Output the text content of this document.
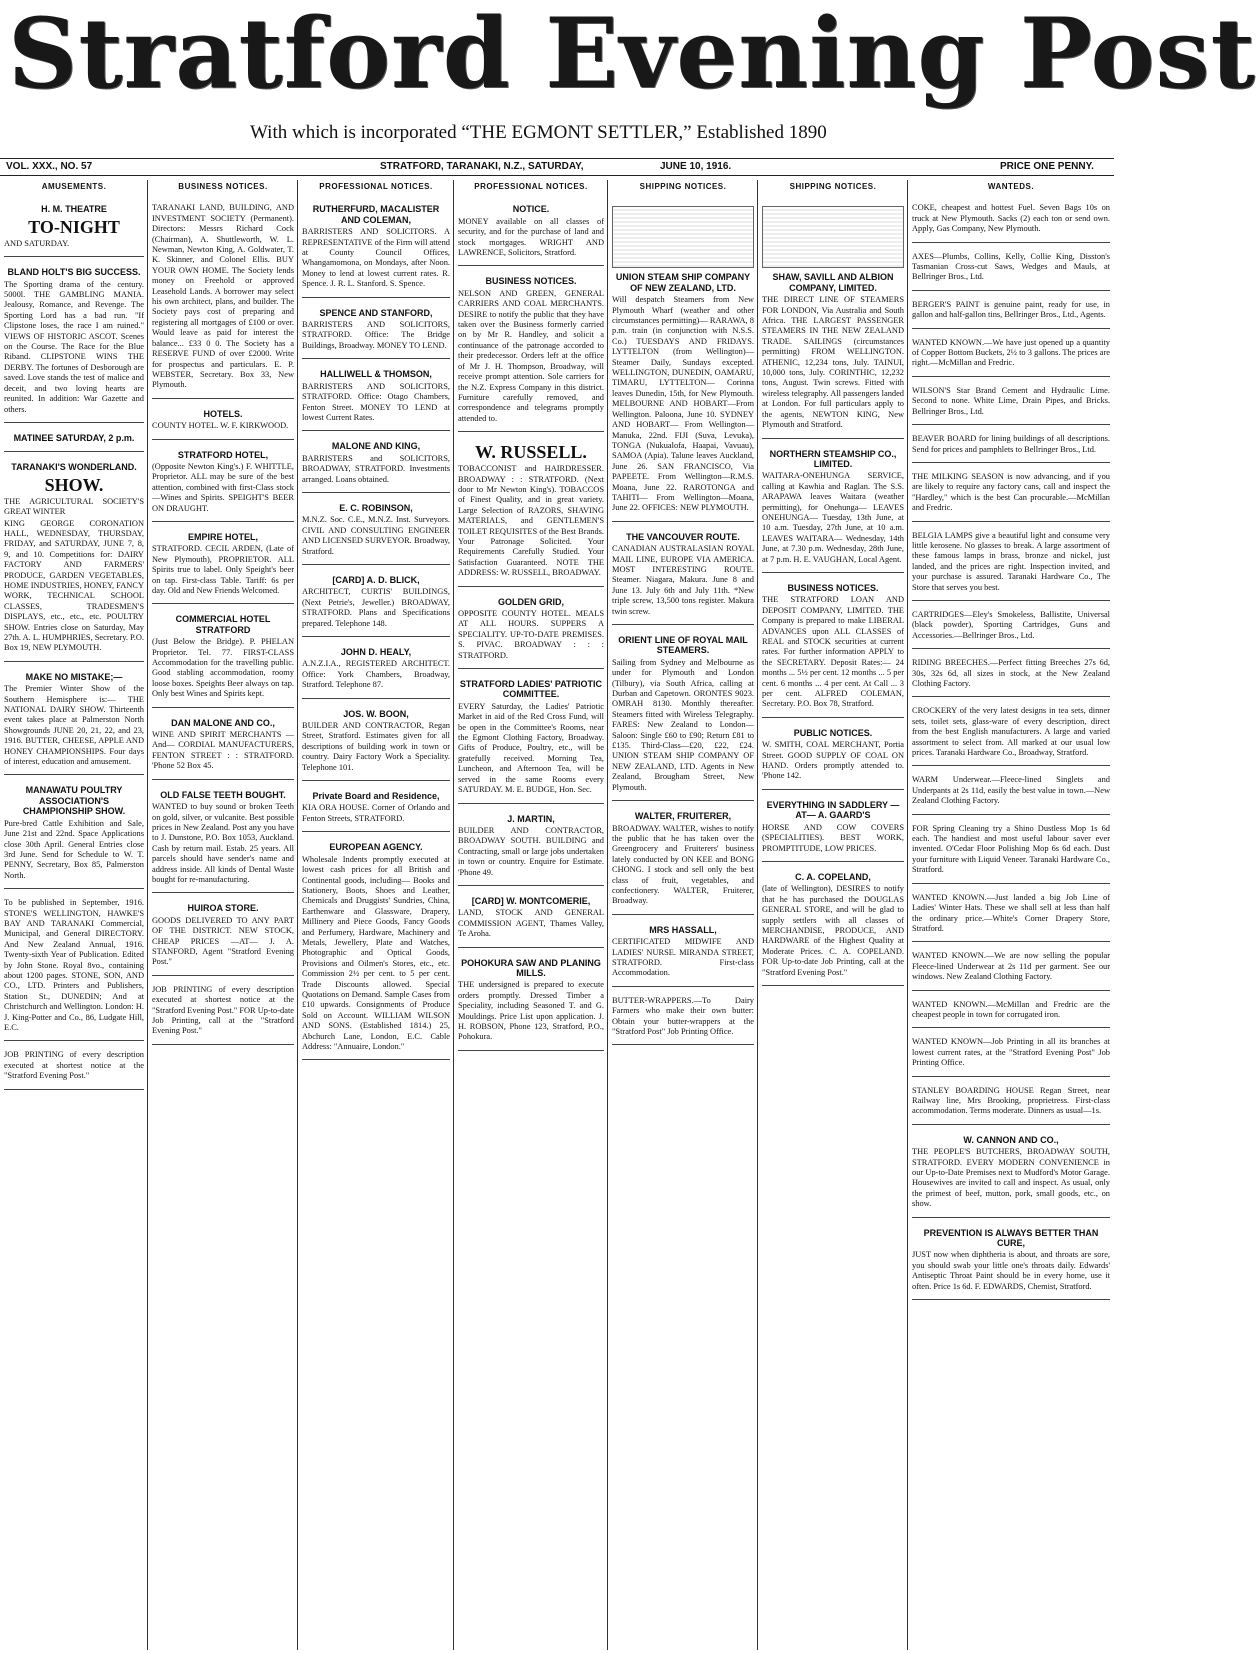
Stratford Evening Post
With which is incorporated “THE EGMONT SETTLER,” Established 1890
VOL. XXX., NO. 57	STRATFORD, TARANAKI, N.Z., SATURDAY,	JUNE 10, 1916.	PRICE ONE PENNY.
AMUSEMENTS.
H. M. THEATRE
TO-NIGHT
AND SATURDAY.
BLAND HOLT'S BIG SUCCESS.
The Sporting drama of the century. 5000l. THE GAMBLING MANIA. Jealousy, Romance, and Revenge. The Sporting Lord has a bad run. "If Clipstone loses, the race I am ruined." VIEWS OF HISTORIC ASCOT. Scenes on the Course. The Race for the Blue Riband. CLIPSTONE WINS THE DERBY. The fortunes of Desborough are saved. Love stands the test of malice and deceit, and two loving hearts are reunited. In addition: War Gazette and others.
MATINEE SATURDAY, 2 p.m.
TARANAKI'S WONDERLAND.
SHOW.
THE AGRICULTURAL SOCIETY'S GREAT WINTER
KING GEORGE CORONATION HALL, WEDNESDAY, THURSDAY, FRIDAY, and SATURDAY, JUNE 7, 8, 9, and 10. Competitions for: DAIRY FACTORY AND FARMERS' PRODUCE, GARDEN VEGETABLES, HOME INDUSTRIES, HONEY, FANCY WORK, TECHNICAL SCHOOL CLASSES, TRADESMEN'S DISPLAYS, etc., etc., etc. POULTRY SHOW. Entries close on Saturday, May 27th. A. L. HUMPHRIES, Secretary. P.O. Box 19, NEW PLYMOUTH.
MAKE NO MISTAKE;—
The Premier Winter Show of the Southern Hemisphere is:— THE NATIONAL DAIRY SHOW. Thirteenth event takes place at Palmerston North Showgrounds JUNE 20, 21, 22, and 23, 1916. BUTTER, CHEESE, APPLE AND HONEY CHAMPIONSHIPS. Four days of interest, education and amusement.
MANAWATU POULTRY ASSOCIATION'S CHAMPIONSHIP SHOW.
Pure-bred Cattle Exhibition and Sale, June 21st and 22nd. Space Applications close 30th April. General Entries close 3rd June. Send for Schedule to W. T. PENNY, Secretary, Box 85, Palmerston North.
To be published in September, 1916. STONE'S WELLINGTON, HAWKE'S BAY AND TARANAKI Commercial, Municipal, and General DIRECTORY. And New Zealand Annual, 1916. Twenty-sixth Year of Publication. Edited by John Stone. Royal 8vo., containing about 1200 pages. STONE, SON, AND CO., LTD. Printers and Publishers, Station St., DUNEDIN; And at Christchurch and Wellington. London: H. J. King-Potter and Co., 86, Ludgate Hill, E.C.
JOB PRINTING of every description executed at shortest notice at the "Stratford Evening Post."
BUSINESS NOTICES.
TARANAKI LAND, BUILDING, AND INVESTMENT SOCIETY (Permanent). Directors: Messrs Richard Cock (Chairman), A. Shuttleworth, W. L. Newman, Newton King, A. Goldwater, T. K. Skinner, and Colonel Ellis. BUY YOUR OWN HOME. The Society lends money on Freehold or approved Leasehold Lands. A borrower may select his own architect, plans, and builder. The Society pays cost of preparing and registering all mortgages of £100 or over. Would leave as paid for interest the balance... £33 0 0. The Society has a RESERVE FUND of over £2000. Write for prospectus and particulars. E. P. WEBSTER, Secretary. Box 33, New Plymouth.
HOTELS.
COUNTY HOTEL. W. F. KIRKWOOD.
STRATFORD HOTEL,
(Opposite Newton King's.) F. WHITTLE, Proprietor. ALL may be sure of the best attention, combined with first-Class stock—Wines and Spirits. SPEIGHT'S BEER ON DRAUGHT.
EMPIRE HOTEL,
STRATFORD. CECIL ARDEN, (Late of New Plymouth), PROPRIETOR. ALL Spirits true to label. Only Speight's beer on tap. First-class Table. Tariff: 6s per day. Old and New Friends Welcomed.
COMMERCIAL HOTEL STRATFORD
(Just Below the Bridge). P. PHELAN Proprietor. Tel. 77. FIRST-CLASS Accommodation for the travelling public. Good stabling accommodation, roomy loose boxes. Speights Beer always on tap. Only best Wines and Spirits kept.
DAN MALONE AND CO.,
WINE AND SPIRIT MERCHANTS —And— CORDIAL MANUFACTURERS, FENTON STREET : : STRATFORD. 'Phone 52 Box 45.
OLD FALSE TEETH BOUGHT.
WANTED to buy sound or broken Teeth on gold, silver, or vulcanite. Best possible prices in New Zealand. Post any you have to J. Dunstone, P.O. Box 1053, Auckland. Cash by return mail. Estab. 25 years. All parcels should have sender's name and address inside. All kinds of Dental Waste bought for re-manufacturing.
HUIROA STORE.
GOODS DELIVERED TO ANY PART OF THE DISTRICT. NEW STOCK, CHEAP PRICES —AT— J. A. STANFORD, Agent "Stratford Evening Post."
JOB PRINTING of every description executed at shortest notice at the "Stratford Evening Post." FOR Up-to-date Job Printing, call at the "Stratford Evening Post."
PROFESSIONAL NOTICES.
RUTHERFURD, MACALISTER AND COLEMAN,
BARRISTERS AND SOLICITORS. A REPRESENTATIVE of the Firm will attend at County Council Offices, Whangamomona, on Mondays, after Noon. Money to lend at lowest current rates. R. Spence. J. R. L. Stanford. S. Spence.
SPENCE AND STANFORD,
BARRISTERS AND SOLICITORS, STRATFORD. Office: The Bridge Buildings, Broadway. MONEY TO LEND.
HALLIWELL & THOMSON,
BARRISTERS AND SOLICITORS, STRATFORD. Office: Otago Chambers, Fenton Street. MONEY TO LEND at lowest Current Rates.
MALONE AND KING,
BARRISTERS and SOLICITORS, BROADWAY, STRATFORD. Investments arranged. Loans obtained.
E. C. ROBINSON,
M.N.Z. Soc. C.E., M.N.Z. Inst. Surveyors. CIVIL AND CONSULTING ENGINEER AND LICENSED SURVEYOR. Broadway, Stratford.
[CARD] A. D. BLICK,
ARCHITECT, CURTIS' BUILDINGS, (Next Petrie's, Jeweller.) BROADWAY, STRATFORD. Plans and Specifications prepared. Telephone 148.
JOHN D. HEALY,
A.N.Z.I.A., REGISTERED ARCHITECT. Office: York Chambers, Broadway, Stratford. Telephone 87.
JOS. W. BOON,
BUILDER AND CONTRACTOR, Regan Street, Stratford. Estimates given for all descriptions of building work in town or country. Dairy Factory Work a Speciality. Telephone 101.
Private Board and Residence,
KIA ORA HOUSE. Corner of Orlando and Fenton Streets, STRATFORD.
EUROPEAN AGENCY.
Wholesale Indents promptly executed at lowest cash prices for all British and Continental goods, including— Books and Stationery, Boots, Shoes and Leather, Chemicals and Druggists' Sundries, China, Earthenware and Glassware, Drapery, Millinery and Piece Goods, Fancy Goods and Perfumery, Hardware, Machinery and Metals, Jewellery, Plate and Watches, Photographic and Optical Goods, Provisions and Oilmen's Stores, etc., etc. Commission 2½ per cent. to 5 per cent. Trade Discounts allowed. Special Quotations on Demand. Sample Cases from £10 upwards. Consignments of Produce Sold on Account. WILLIAM WILSON AND SONS. (Established 1814.) 25, Abchurch Lane, London, E.C. Cable Address: "Annuaire, London."
PROFESSIONAL NOTICES.
NOTICE.
MONEY available on all classes of security, and for the purchase of land and stock mortgages. WRIGHT AND LAWRENCE, Solicitors, Stratford.
BUSINESS NOTICES.
NELSON AND GREEN, GENERAL CARRIERS AND COAL MERCHANTS. DESIRE to notify the public that they have taken over the Business formerly carried on by Mr R. Handley, and solicit a continuance of the patronage accorded to their predecessor. Orders left at the office of Mr J. H. Thompson, Broadway, will receive prompt attention. Sole carriers for the N.Z. Express Company in this district. Furniture carefully removed, and correspondence and telegrams promptly attended to.
W. RUSSELL.
TOBACCONIST and HAIRDRESSER. BROADWAY : : STRATFORD. (Next door to Mr Newton King's). TOBACCOS of Finest Quality, and in great variety. Large Selection of RAZORS, SHAVING MATERIALS, and GENTLEMEN'S TOILET REQUISITES of the Best Brands. Your Patronage Solicited. Your Requirements Carefully Studied. Your Satisfaction Guaranteed. NOTE THE ADDRESS: W. RUSSELL, BROADWAY.
GOLDEN GRID,
OPPOSITE COUNTY HOTEL. MEALS AT ALL HOURS. SUPPERS A SPECIALITY. UP-TO-DATE PREMISES. S. PIVAC. BROADWAY : : : STRATFORD.
STRATFORD LADIES' PATRIOTIC COMMITTEE.
EVERY Saturday, the Ladies' Patriotic Market in aid of the Red Cross Fund, will be open in the Committee's Rooms, near the Egmont Clothing Factory, Broadway. Gifts of Produce, Poultry, etc., will be gratefully received. Morning Tea, Luncheon, and Afternoon Tea, will be served in the same Rooms every SATURDAY. M. E. BUDGE, Hon. Sec.
J. MARTIN,
BUILDER AND CONTRACTOR, BROADWAY SOUTH. BUILDING and Contracting, small or large jobs undertaken in town or country. Enquire for Estimate. 'Phone 49.
[CARD] W. MONTCOMERIE,
LAND, STOCK AND GENERAL COMMISSION AGENT, Thames Valley, Te Aroha.
POHOKURA SAW AND PLANING MILLS.
THE undersigned is prepared to execute orders promptly. Dressed Timber a Speciality, including Seasoned T. and G. Mouldings. Price List upon application. J. H. ROBSON, Phone 123, Stratford, P.O., Pohokura.
SHIPPING NOTICES.
UNION STEAM SHIP COMPANY OF NEW ZEALAND, LTD.
Will despatch Steamers from New Plymouth Wharf (weather and other circumstances permitting)— RARAWA, 8 p.m. train (in conjunction with N.S.S. Co.) TUESDAYS AND FRIDAYS. LYTTELTON (from Wellington)— Steamer Daily, Sundays excepted. WELLINGTON, DUNEDIN, OAMARU, TIMARU, LYTTELTON— Corinna leaves Dunedin, 15th, for New Plymouth. MELBOURNE AND HOBART—From Wellington. Paloona, June 10. SYDNEY AND HOBART— From Wellington—Manuka, 22nd. FIJI (Suva, Levuka), TONGA (Nukualofa, Haapai, Vavuau), SAMOA (Apia). Talune leaves Auckland, June 26. SAN FRANCISCO, Via PAPEETE. From Wellington—R.M.S. Moana, June 22. RAROTONGA and TAHITI— From Wellington—Moana, June 22. OFFICES: NEW PLYMOUTH.
THE VANCOUVER ROUTE.
CANADIAN AUSTRALASIAN ROYAL MAIL LINE, EUROPE VIA AMERICA. MOST INTERESTING ROUTE. Steamer. Niagara, Makura. June 8 and June 13. July 6th and July 11th. *New triple screw, 13,500 tons register. Makura twin screw.
ORIENT LINE OF ROYAL MAIL STEAMERS.
Sailing from Sydney and Melbourne as under for Plymouth and London (Tilbury), via South Africa, calling at Durban and Capetown. ORONTES 9023. OMRAH 8130. Monthly thereafter. Steamers fitted with Wireless Telegraphy. FARES: New Zealand to London— Saloon: Single £60 to £90; Return £81 to £135. Third-Class—£20, £22, £24. UNION STEAM SHIP COMPANY OF NEW ZEALAND, LTD. Agents in New Zealand, Brougham Street, New Plymouth.
WALTER, FRUITERER,
BROADWAY. WALTER, wishes to notify the public that he has taken over the Greengrocery and Fruiterers' business lately conducted by ON KEE and BONG CHONG. I stock and sell only the best class of fruit, vegetables, and confectionery. WALTER, Fruiterer, Broadway.
MRS HASSALL,
CERTIFICATED MIDWIFE AND LADIES' NURSE. MIRANDA STREET, STRATFORD. First-class Accommodation.
BUTTER-WRAPPERS.—To Dairy Farmers who make their own butter: Obtain your butter-wrappers at the "Stratford Post" Job Printing Office.
SHIPPING NOTICES.
SHAW, SAVILL AND ALBION COMPANY, LIMITED.
THE DIRECT LINE OF STEAMERS FOR LONDON, Via Australia and South Africa. THE LARGEST PASSENGER STEAMERS IN THE NEW ZEALAND TRADE. SAILINGS (circumstances permitting) FROM WELLINGTON. ATHENIC, 12,234 tons, July. TAINUI, 10,000 tons, July. CORINTHIC, 12,232 tons, August. Twin screws. Fitted with wireless telegraphy. All passengers landed at London. For full particulars apply to the agents, NEWTON KING, New Plymouth and Stratford.
NORTHERN STEAMSHIP CO., LIMITED.
WAITARA-ONEHUNGA SERVICE, calling at Kawhia and Raglan. The S.S. ARAPAWA leaves Waitara (weather permitting), for Onehunga— LEAVES ONEHUNGA— Tuesday, 13th June, at 10 a.m. Tuesday, 27th June, at 10 a.m. LEAVES WAITARA— Wednesday, 14th June, at 7.30 p.m. Wednesday, 28th June, at 7 p.m. H. E. VAUGHAN, Local Agent.
BUSINESS NOTICES.
THE STRATFORD LOAN AND DEPOSIT COMPANY, LIMITED. THE Company is prepared to make LIBERAL ADVANCES upon ALL CLASSES of REAL and STOCK securities at current rates. For further information APPLY to the SECRETARY. Deposit Rates:— 24 months ... 5½ per cent. 12 months ... 5 per cent. 6 months ... 4 per cent. At Call ... 3 per cent. ALFRED COLEMAN, Secretary. P.O. Box 78, Stratford.
PUBLIC NOTICES.
W. SMITH, COAL MERCHANT, Portia Street. GOOD SUPPLY OF COAL ON HAND. Orders promptly attended to. 'Phone 142.
EVERYTHING IN SADDLERY —AT— A. GAARD'S
HORSE AND COW COVERS (SPECIALITIES). BEST WORK, PROMPTITUDE, LOW PRICES.
C. A. COPELAND,
(late of Wellington), DESIRES to notify that he has purchased the DOUGLAS GENERAL STORE, and will be glad to supply settlers with all classes of MERCHANDISE, PRODUCE, AND HARDWARE of the Highest Quality at Moderate Prices. C. A. COPELAND. FOR Up-to-date Job Printing, call at the "Stratford Evening Post."
WANTEDS.
COKE, cheapest and hottest Fuel. Seven Bags 10s on truck at New Plymouth. Sacks (2) each ton or send own. Apply, Gas Company, New Plymouth.
AXES—Plumbs, Collins, Kelly, Collie King, Disston's Tasmanian Cross-cut Saws, Wedges and Mauls, at Bellringer Bros., Ltd.
BERGER'S PAINT is genuine paint, ready for use, in gallon and half-gallon tins, Bellringer Bros., Ltd., Agents.
WANTED KNOWN.—We have just opened up a quantity of Copper Bottom Buckets, 2½ to 3 gallons. The prices are right.—McMillan and Fredric.
WILSON'S Star Brand Cement and Hydraulic Lime. Second to none. White Lime, Drain Pipes, and Bricks. Bellringer Bros., Ltd.
BEAVER BOARD for lining buildings of all descriptions. Send for prices and pamphlets to Bellringer Bros., Ltd.
THE MILKING SEASON is now advancing, and if you are likely to require any factory cans, call and inspect the "Hardley," which is the best Can procurable.—McMillan and Fredric.
BELGIA LAMPS give a beautiful light and consume very little kerosene. No glasses to break. A large assortment of these famous lamps in brass, bronze and nickel, just landed, and the prices are right. Inspection invited, and your purchase is assured. Taranaki Hardware Co., The Store that serves you best.
CARTRIDGES—Eley's Smokeless, Ballistite, Universal (black powder), Sporting Cartridges, Guns and Accessories.—Bellringer Bros., Ltd.
RIDING BREECHES.—Perfect fitting Breeches 27s 6d, 30s, 32s 6d, all sizes in stock, at the New Zealand Clothing Factory.
CROCKERY of the very latest designs in tea sets, dinner sets, toilet sets, glass-ware of every description, direct from the best English manufacturers. A large and varied assortment to select from. All marked at our usual low prices. Taranaki Hardware Co., Broadway, Stratford.
WARM Underwear.—Fleece-lined Singlets and Underpants at 2s 11d, easily the best value in town.—New Zealand Clothing Factory.
FOR Spring Cleaning try a Shino Dustless Mop 1s 6d each. The handiest and most useful labour saver ever invented. O'Cedar Floor Polishing Mop 6s 6d each. Dust your furniture with Liquid Veneer. Taranaki Hardware Co., Stratford.
WANTED KNOWN.—Just landed a big Job Line of Ladies' Winter Hats. These we shall sell at less than half the ordinary price.—White's Corner Drapery Store, Stratford.
WANTED KNOWN.—We are now selling the popular Fleece-lined Underwear at 2s 11d per garment. See our windows. New Zealand Clothing Factory.
WANTED KNOWN.—McMillan and Fredric are the cheapest people in town for corrugated iron.
WANTED KNOWN—Job Printing in all its branches at lowest current rates, at the "Stratford Evening Post" Job Printing Office.
STANLEY BOARDING HOUSE Regan Street, near Railway line, Mrs Brooking, proprietress. First-class accommodation. Terms moderate. Dinners as usual—1s.
W. CANNON AND CO.,
THE PEOPLE'S BUTCHERS, BROADWAY SOUTH, STRATFORD. EVERY MODERN CONVENIENCE in our Up-to-Date Premises next to Mudford's Motor Garage. Housewives are invited to call and inspect. As usual, only the primest of beef, mutton, pork, small goods, etc., on show.
PREVENTION IS ALWAYS BETTER THAN CURE,
JUST now when diphtheria is about, and throats are sore, you should swab your little one's throats daily. Edwards' Antiseptic Throat Paint should be in every home, use it often. Price 1s 6d. F. EDWARDS, Chemist, Stratford.
